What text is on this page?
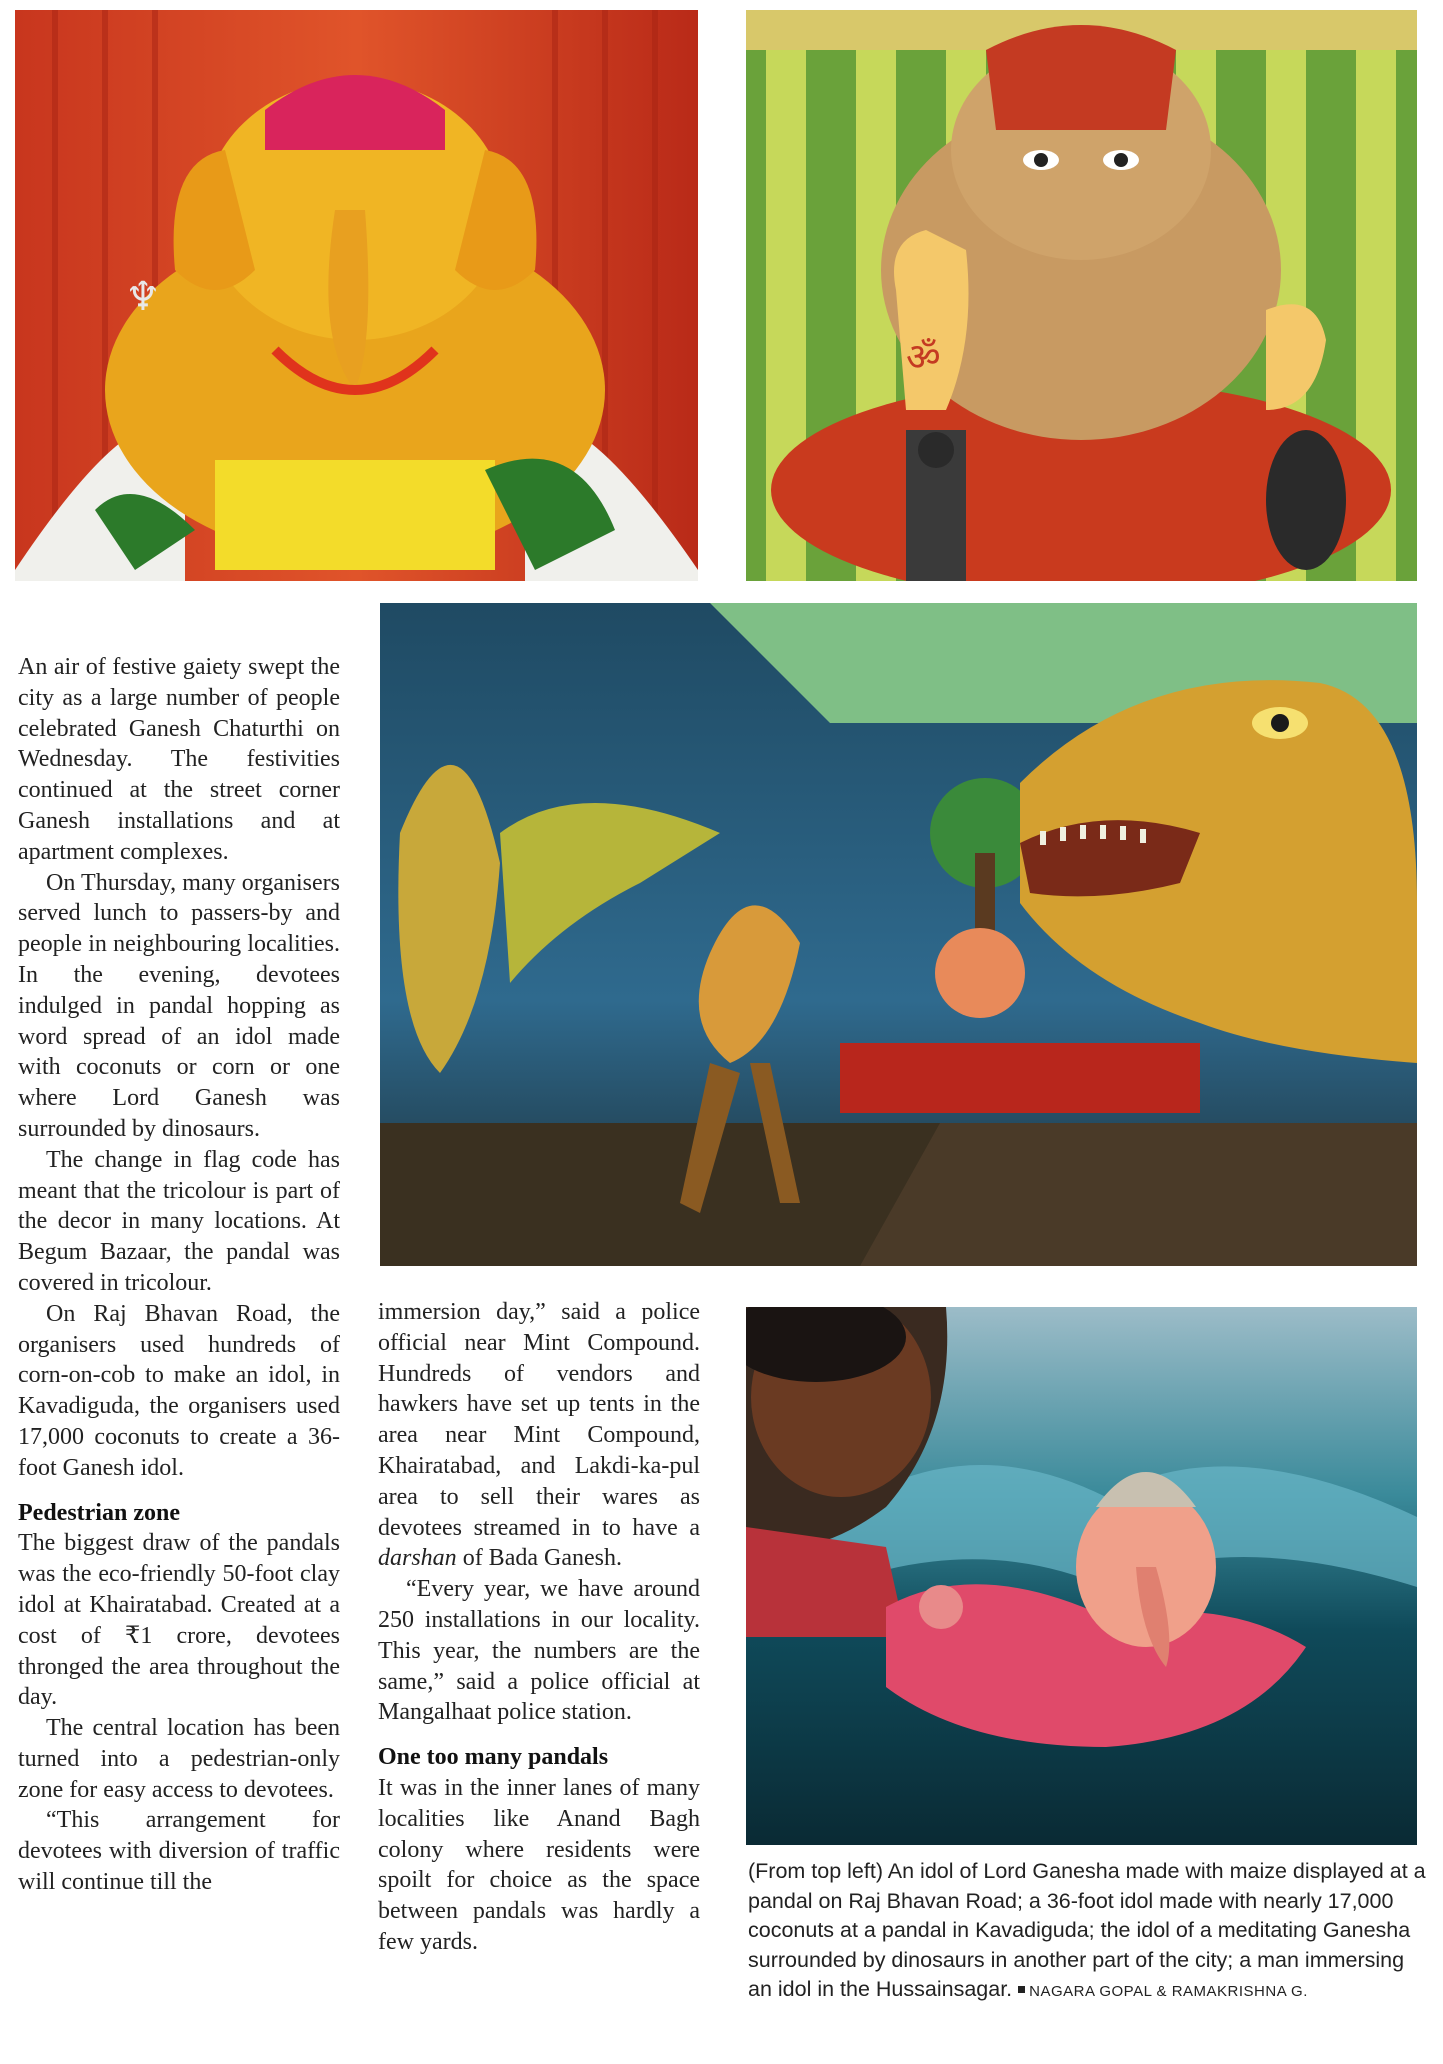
♆
ॐ

An air of festive gaiety swept the city as a large number of people celebrated Ganesh Chaturthi on Wednesday. The festivities continued at the street corner Ganesh installations and at apartment complexes.

On Thursday, many organisers served lunch to passers-by and people in neighbouring localities. In the evening, devotees indulged in pandal hopping as word spread of an idol made with coconuts or corn or one where Lord Ganesh was surrounded by dinosaurs.

The change in flag code has meant that the tricolour is part of the decor in many locations. At Begum Bazaar, the pandal was covered in tricolour.

On Raj Bhavan Road, the organisers used hundreds of corn-on-cob to make an idol, in Kavadiguda, the organisers used 17,000 coconuts to create a 36-foot Ganesh idol.

Pedestrian zone

The biggest draw of the pandals was the eco-friendly 50-foot clay idol at Khairatabad. Created at a cost of ₹1 crore, devotees thronged the area throughout the day.

The central location has been turned into a pedestrian-only zone for easy access to devotees.

“This arrangement for devotees with diversion of traffic will continue till the

immersion day,” said a police official near Mint Compound. Hundreds of vendors and hawkers have set up tents in the area near Mint Compound, Khairatabad, and Lakdi-ka-pul area to sell their wares as devotees streamed in to have a darshan of Bada Ganesh.

“Every year, we have around 250 installations in our locality. This year, the numbers are the same,” said a police official at Mangalhaat police station.

One too many pandals

It was in the inner lanes of many localities like Anand Bagh colony where residents were spoilt for choice as the space between pandals was hardly a few yards.

(From top left) An idol of Lord Ganesha made with maize displayed at a pandal on Raj Bhavan Road; a 36-foot idol made with nearly 17,000 coconuts at a pandal in Kavadiguda; the idol of a meditating Ganesha surrounded by dinosaurs in another part of the city; a man immersing an idol in the Hussainsagar. NAGARA GOPAL & RAMAKRISHNA G.
